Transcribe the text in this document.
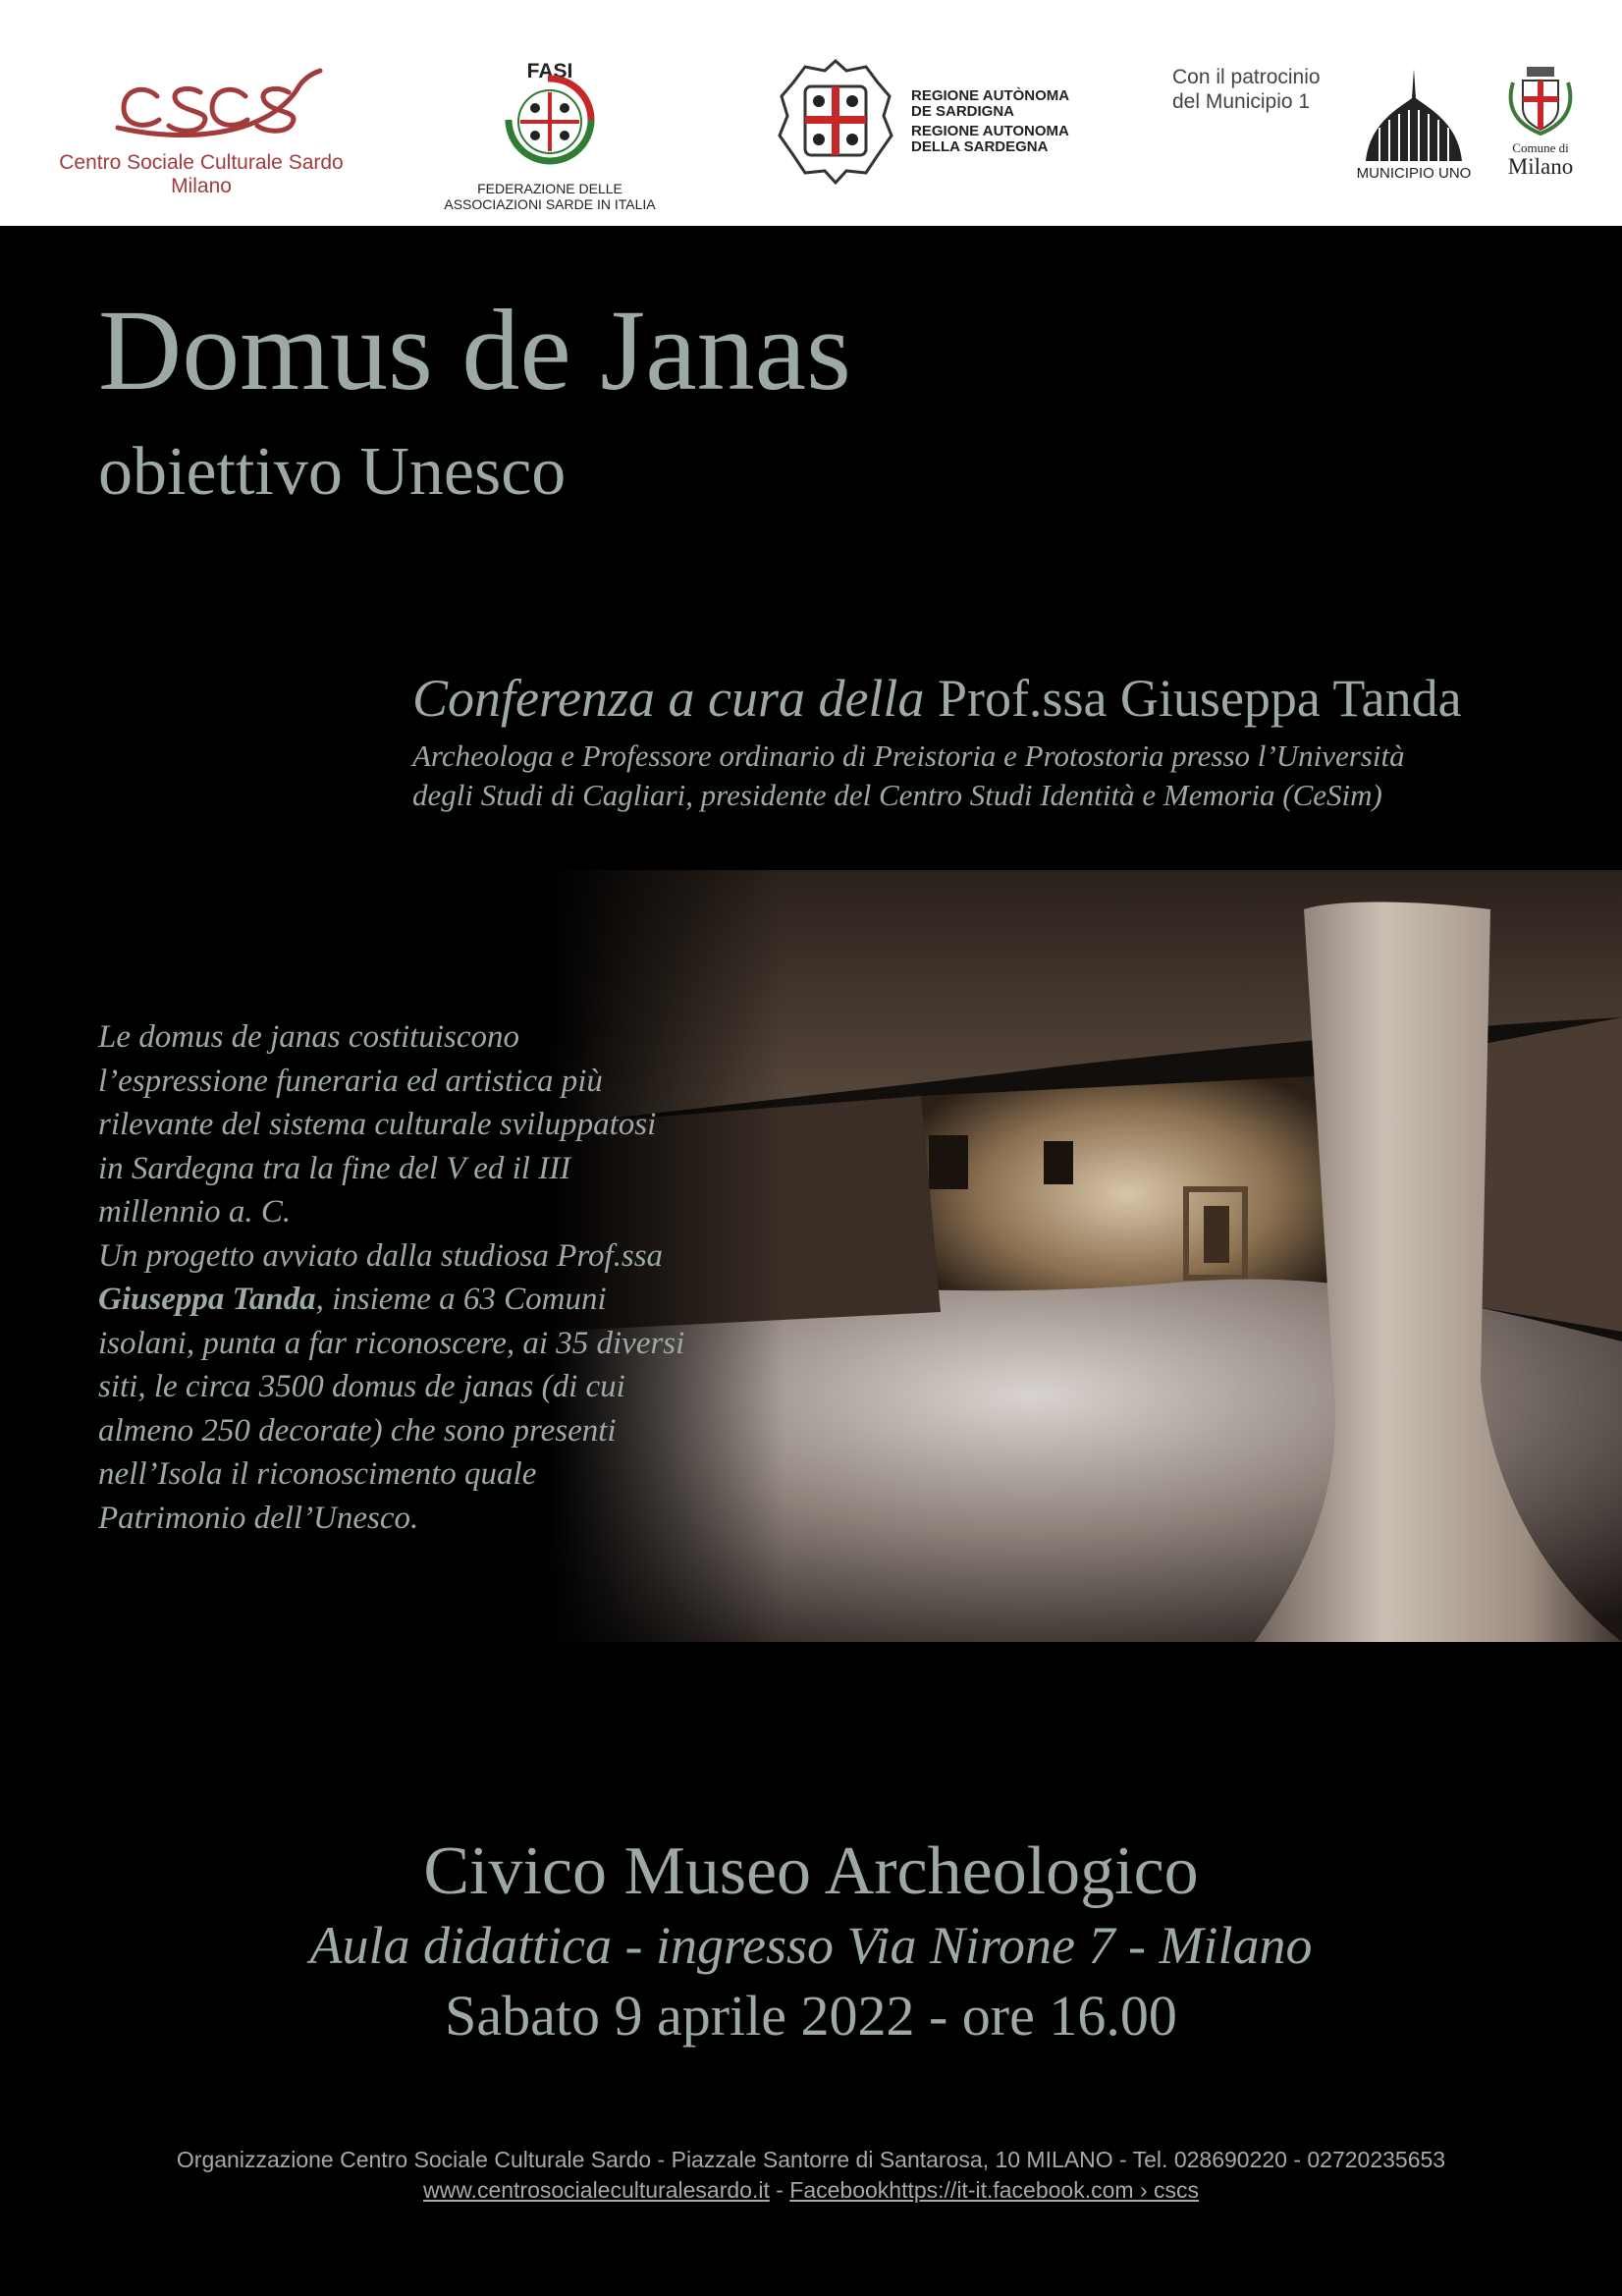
Centro Sociale Culturale Sardo
Milano
FASI
FEDERAZIONE DELLE
ASSOCIAZIONI SARDE IN ITALIA
REGIONE AUTÒNOMA
DE SARDIGNA
REGIONE AUTONOMA
DELLA SARDEGNA
Con il patrocinio
del Municipio 1
MUNICIPIO UNO
Comune di
Milano
Domus de Janas
obiettivo Unesco
Conferenza a cura della Prof.ssa Giuseppa Tanda
Archeologa e Professore ordinario di Preistoria e Protostoria presso l’Università
degli Studi di Cagliari, presidente del Centro Studi Identità e Memoria (CeSim)
Le domus de janas costituiscono
l’espressione funeraria ed artistica più
rilevante del sistema culturale sviluppatosi
in Sardegna tra la fine del V ed il III
millennio a. C.
Un progetto avviato dalla studiosa Prof.ssa
Giuseppa Tanda, insieme a 63 Comuni
isolani, punta a far riconoscere, ai 35 diversi
siti, le circa 3500 domus de janas (di cui
almeno 250 decorate) che sono presenti
nell’Isola il riconoscimento quale
Patrimonio dell’Unesco.
Civico Museo Archeologico
Aula didattica - ingresso Via Nirone 7 - Milano
Sabato 9 aprile 2022 - ore 16.00
Organizzazione Centro Sociale Culturale Sardo - Piazzale Santorre di Santarosa, 10 MILANO - Tel. 028690220 - 02720235653
www.centrosocialeculturalesardo.it - Facebookhttps://it-it.facebook.com › cscs
